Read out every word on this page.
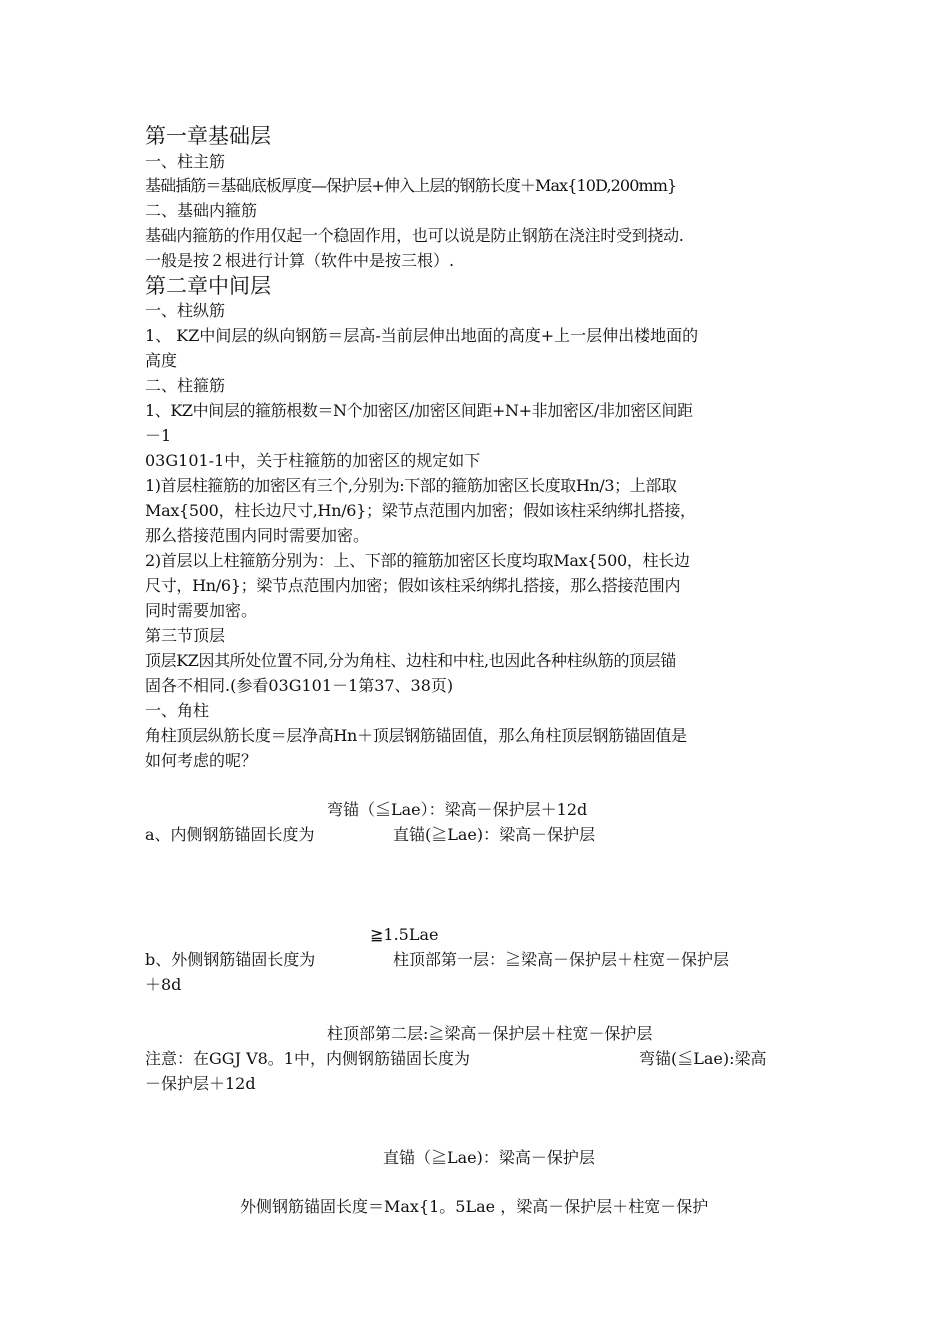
第一章基础层

一、柱主筋

基础插筋＝基础底板厚度—保护层+伸入上层的钢筋长度＋Max{10D,200mm}

二、基础内箍筋

基础内箍筋的作用仅起一个稳固作用，也可以说是防止钢筋在浇注时受到挠动.

一般是按２根进行计算（软件中是按三根）.

第二章中间层

一、柱纵筋

1、 KZ中间层的纵向钢筋＝层高-当前层伸出地面的高度+上一层伸出楼地面的

高度

二、柱箍筋

1、KZ中间层的箍筋根数＝N个加密区/加密区间距+N+非加密区/非加密区间距

－1

03G101-1中，关于柱箍筋的加密区的规定如下

1)首层柱箍筋的加密区有三个,分别为:下部的箍筋加密区长度取Hn/3；上部取

Max{500，柱长边尺寸,Hn/6}；梁节点范围内加密；假如该柱采纳绑扎搭接，

那么搭接范围内同时需要加密。

2)首层以上柱箍筋分别为：上、下部的箍筋加密区长度均取Max{500，柱长边

尺寸，Hn/6}；梁节点范围内加密；假如该柱采纳绑扎搭接，那么搭接范围内

同时需要加密。

第三节顶层

顶层KZ因其所处位置不同,分为角柱、边柱和中柱,也因此各种柱纵筋的顶层锚

固各不相同.(参看03G101－1第37、38页)

一、角柱

角柱顶层纵筋长度＝层净高Hn＋顶层钢筋锚固值，那么角柱顶层钢筋锚固值是

如何考虑的呢？

弯锚（≦Lae）：梁高－保护层＋12d

a、内侧钢筋锚固长度为	直锚(≧Lae)：梁高－保护层

≧1.5Lae

b、外侧钢筋锚固长度为	柱顶部第一层：≧梁高－保护层＋柱宽－保护层

＋8d

柱顶部第二层:≧梁高－保护层＋柱宽－保护层

注意：在GGJ V8。1中，内侧钢筋锚固长度为	弯锚(≦Lae):梁高

－保护层＋12d

直锚（≧Lae)：梁高－保护层

外侧钢筋锚固长度＝Max{1。5Lae ，梁高－保护层＋柱宽－保护
